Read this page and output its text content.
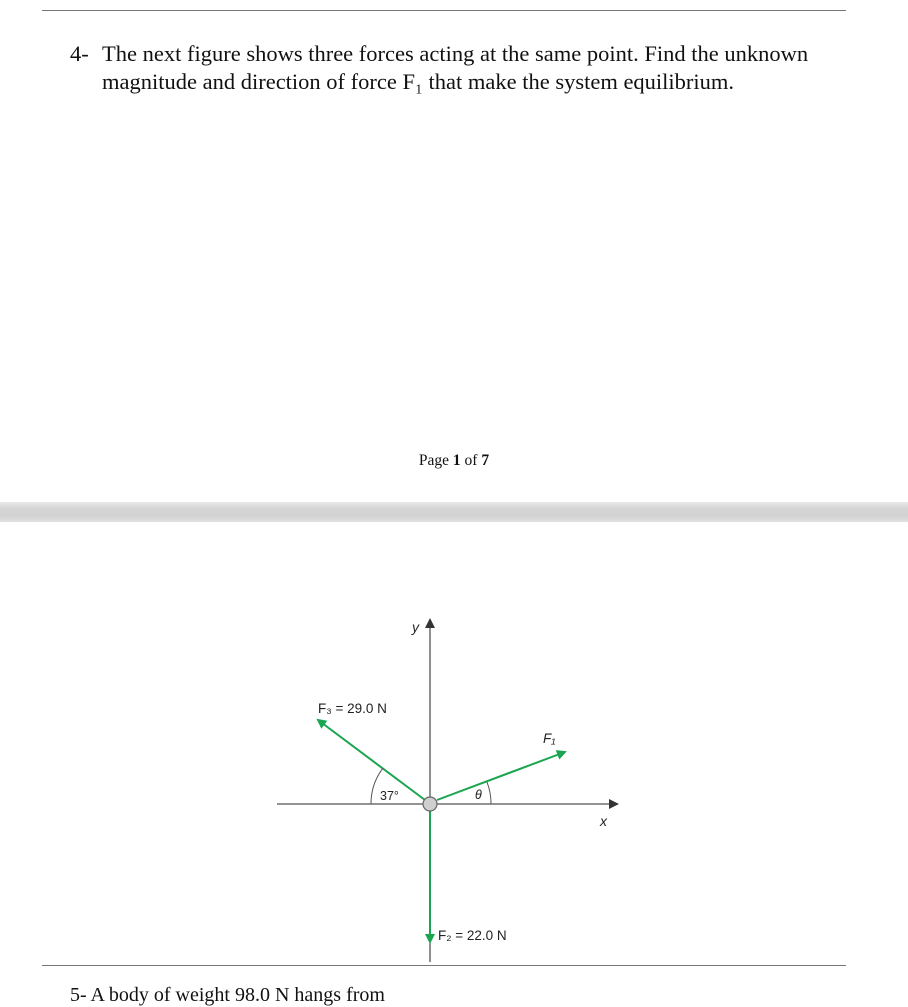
4- The next figure shows three forces acting at the same point. Find the unknown
magnitude and direction of force F₁ that make the system equilibrium.
Page 1 of 7
y
x
F₃ = 29.0 N
F₁
F₂ = 22.0 N
37°	θ
5- A body of weight 98.0 N hangs from
